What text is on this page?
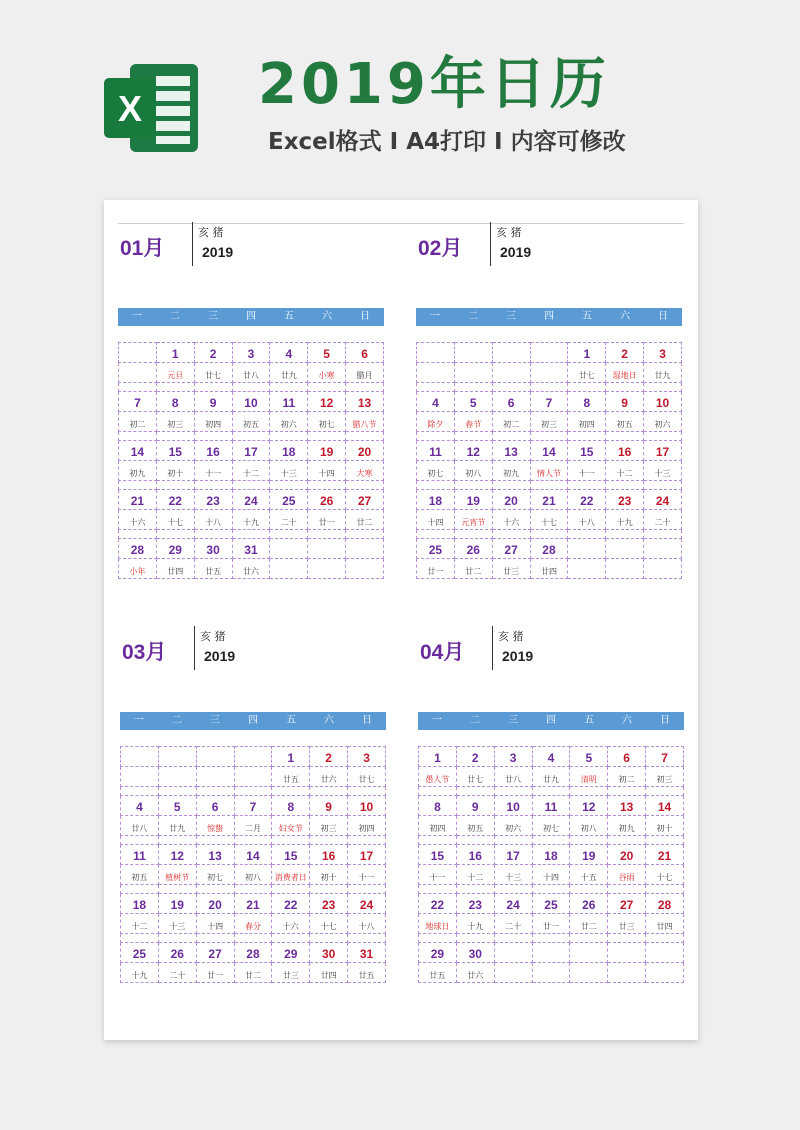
X 2019年日历
Excel格式 I A4打印 I 内容可修改
01月
亥 猪
2019
一	二	三	四	五	六	日
	1	2	3	4	5	6
	元旦	廿七	廿八	廿九	小寒	腊月

7	8	9	10	11	12	13
初二	初三	初四	初五	初六	初七	腊八节

14	15	16	17	18	19	20
初九	初十	十一	十二	十三	十四	大寒

21	22	23	24	25	26	27
十六	十七	十八	十九	二十	廿一	廿二

28	29	30	31			
小年	廿四	廿五	廿六			
02月
亥 猪
2019
一	二	三	四	五	六	日
				1	2	3
				廿七	湿地日	廿九

4	5	6	7	8	9	10
除夕	春节	初二	初三	初四	初五	初六

11	12	13	14	15	16	17
初七	初八	初九	情人节	十一	十二	十三

18	19	20	21	22	23	24
十四	元宵节	十六	十七	十八	十九	二十

25	26	27	28			
廿一	廿二	廿三	廿四			
03月
亥 猪
2019
一	二	三	四	五	六	日
				1	2	3
				廿五	廿六	廿七

4	5	6	7	8	9	10
廿八	廿九	惊蛰	二月	妇女节	初三	初四

11	12	13	14	15	16	17
初五	植树节	初七	初八	消费者日	初十	十一

18	19	20	21	22	23	24
十二	十三	十四	春分	十六	十七	十八

25	26	27	28	29	30	31
十九	二十	廿一	廿二	廿三	廿四	廿五
04月
亥 猪
2019
一	二	三	四	五	六	日
1	2	3	4	5	6	7
愚人节	廿七	廿八	廿九	清明	初二	初三

8	9	10	11	12	13	14
初四	初五	初六	初七	初八	初九	初十

15	16	17	18	19	20	21
十一	十二	十三	十四	十五	谷雨	十七

22	23	24	25	26	27	28
地球日	十九	二十	廿一	廿二	廿三	廿四

29	30					
廿五	廿六					
